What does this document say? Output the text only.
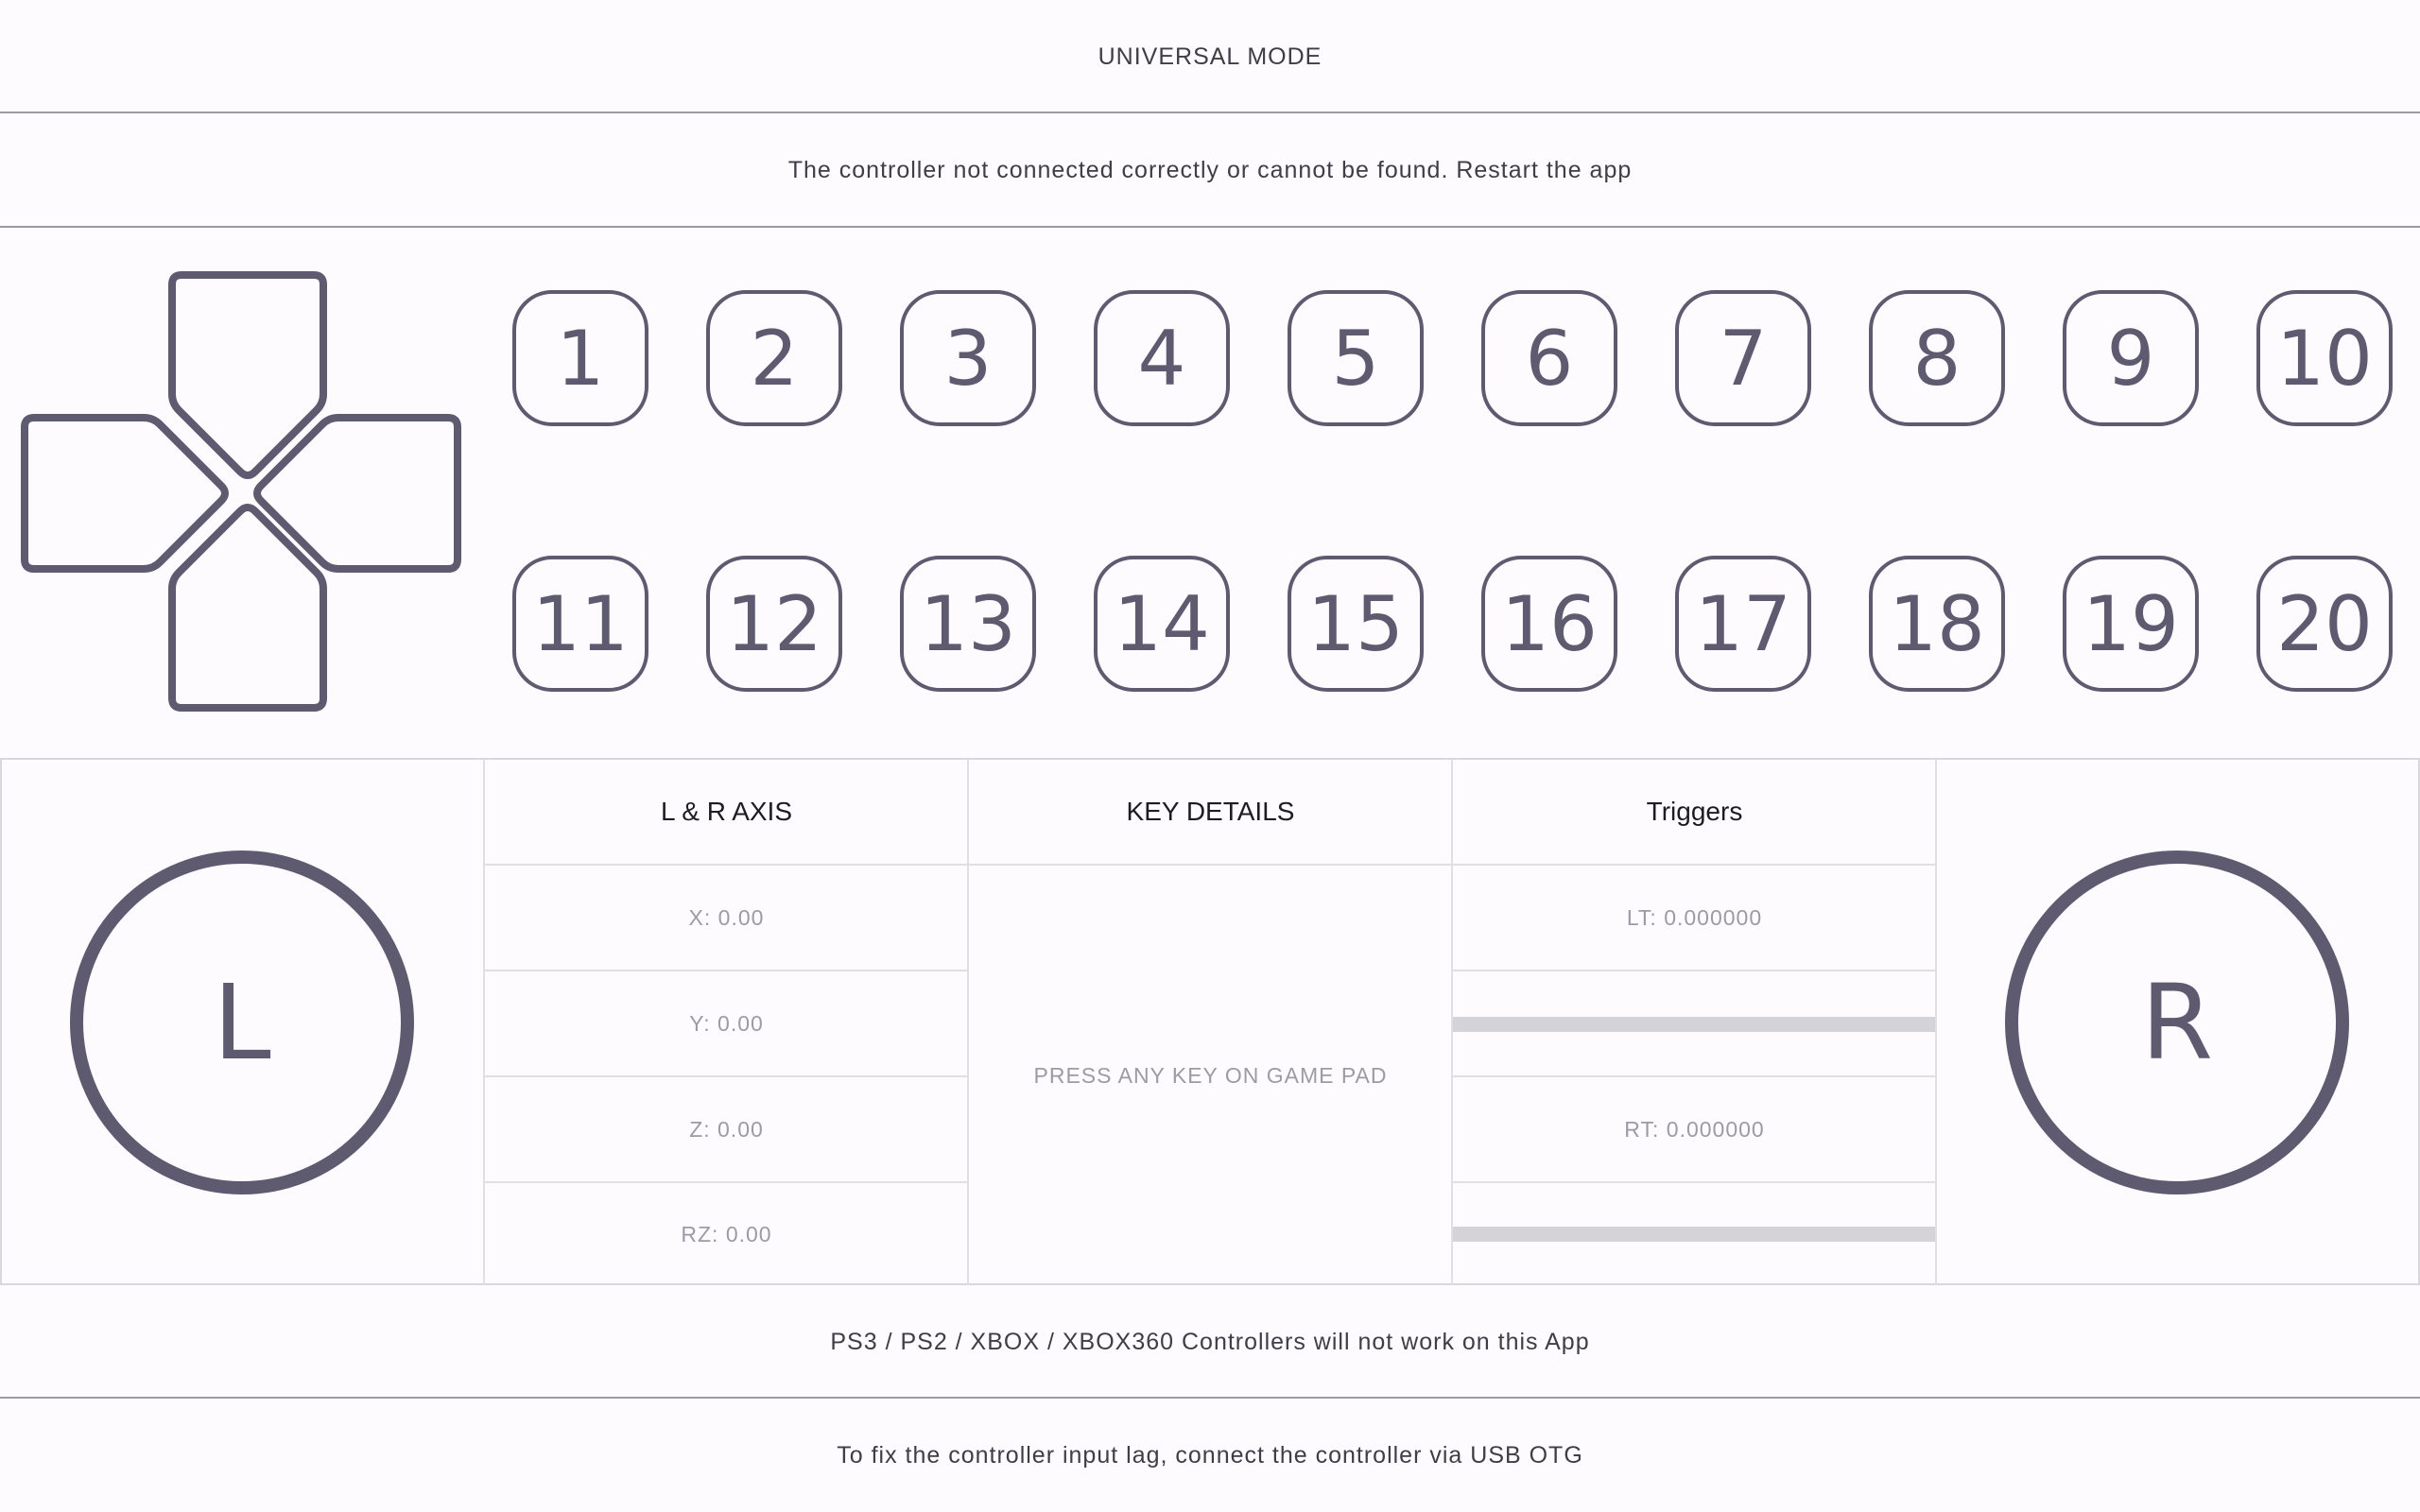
UNIVERSAL MODE
The controller not connected correctly or cannot be found. Restart the app
1	2	3	4	5	6	7	8	9	10
11 12 13 14 15 16 17 18 19 20
L
L & R AXIS
X: 0.00
Y: 0.00
Z: 0.00
RZ: 0.00
KEY DETAILS
PRESS ANY KEY ON GAME PAD
Triggers
LT: 0.000000
RT: 0.000000
R
PS3 / PS2 / XBOX / XBOX360 Controllers will not work on this App
To fix the controller input lag, connect the controller via USB OTG
